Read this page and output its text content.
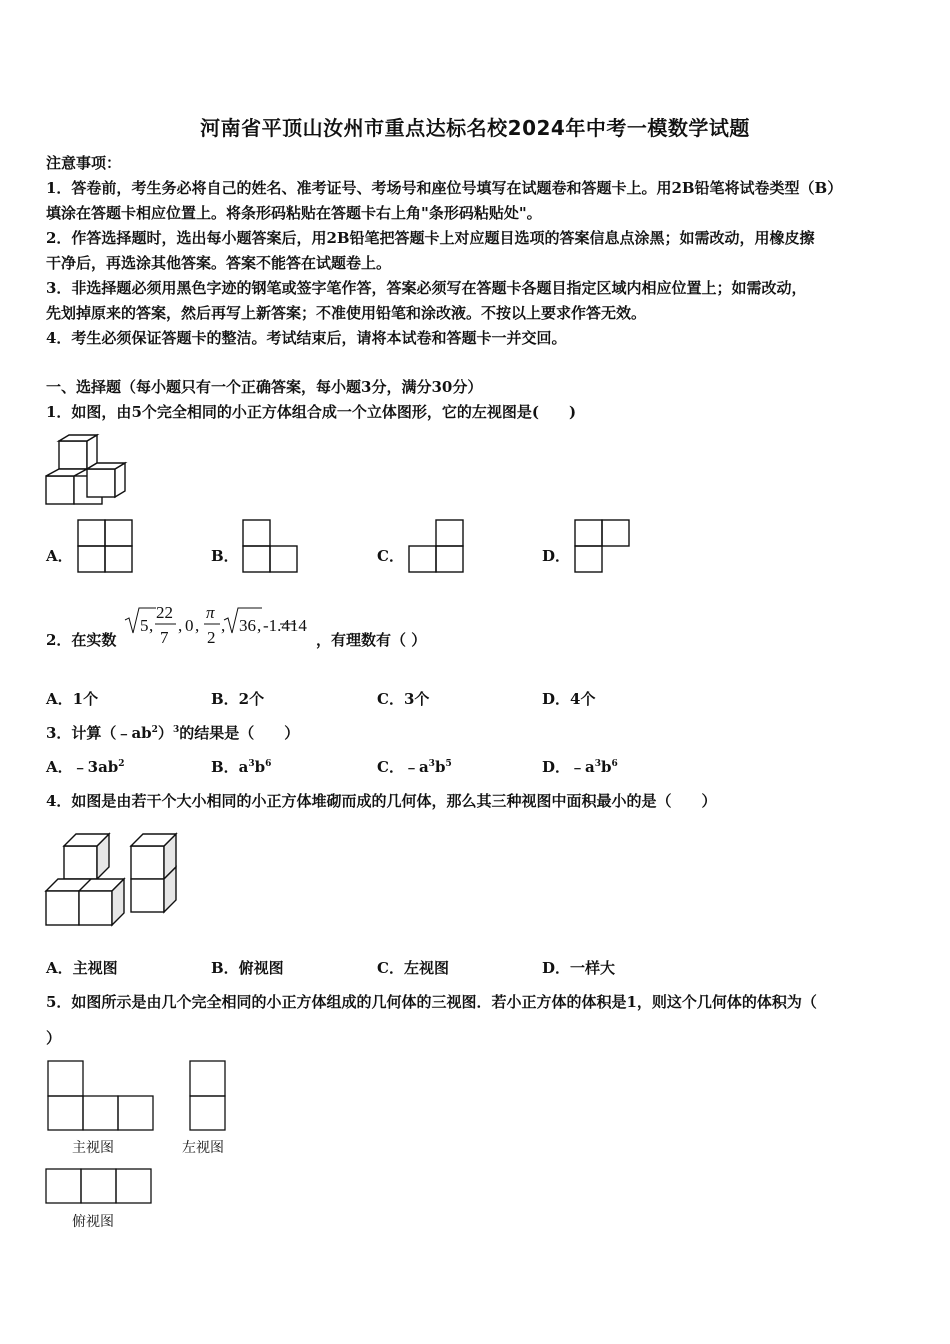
河南省平顶山汝州市重点达标名校2024年中考一模数学试题
注意事项：
1．答卷前，考生务必将自己的姓名、准考证号、考场号和座位号填写在试题卷和答题卡上。用2B铅笔将试卷类型（B）
填涂在答题卡相应位置上。将条形码粘贴在答题卡右上角"条形码粘贴处"。
2．作答选择题时，选出每小题答案后，用2B铅笔把答题卡上对应题目选项的答案信息点涂黑；如需改动，用橡皮擦
干净后，再选涂其他答案。答案不能答在试题卷上。
3．非选择题必须用黑色字迹的钢笔或签字笔作答，答案必须写在答题卡各题目指定区域内相应位置上；如需改动，
先划掉原来的答案，然后再写上新答案；不准使用铅笔和涂改液。不按以上要求作答无效。
4．考生必须保证答题卡的整洁。考试结束后，请将本试卷和答题卡一并交回。
一、选择题（每小题只有一个正确答案，每小题3分，满分30分）
1．如图，由5个完全相同的小正方体组合成一个立体图形，它的左视图是(　　)
A．	B．	C．	D．
2．在实数
5 ,
22
7
, 0 ,
π
2
, 36 , -1.414
，有理数有（ ）
A．1个	B．2个	C．3个	D．4个
3．计算$(﹣ab^2)^3$的结果是（　　）
A．$﹣3ab^2$	B．$a^3b^6$	C．$﹣a^3b^5$	D．$﹣a^3b^6$
4．如图是由若干个大小相同的小正方体堆砌而成的几何体，那么其三种视图中面积最小的是（　　）
A．主视图	B．俯视图	C．左视图	D．一样大
5．如图所示是由几个完全相同的小正方体组成的几何体的三视图．若小正方体的体积是1，则这个几何体的体积为（
）
主视图	左视图
俯视图
